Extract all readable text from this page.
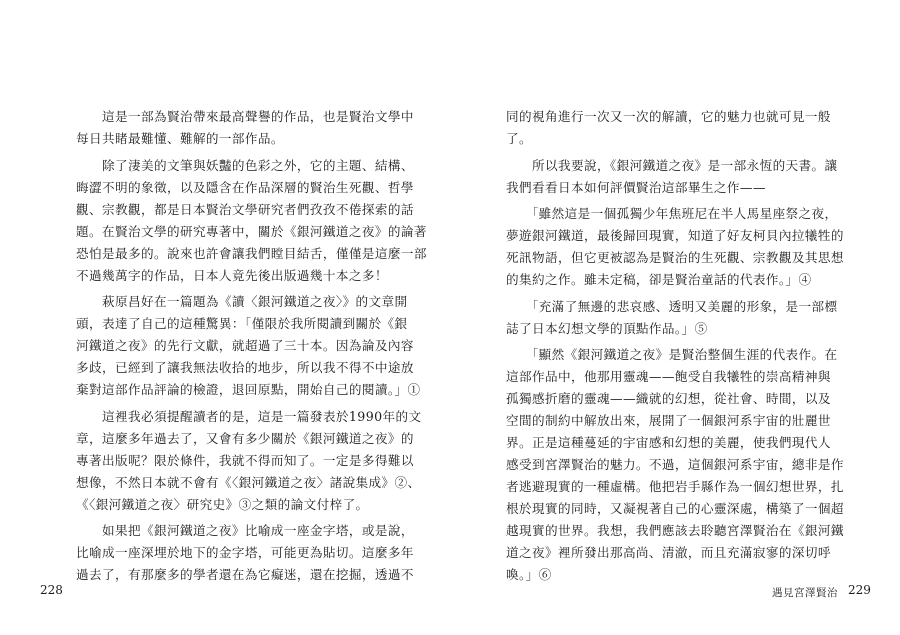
　　這是一部為賢治帶來最高聲譽的作品，也是賢治文學中
每日共睹最難懂、難解的一部作品。
　　除了淒美的文筆與妖豔的色彩之外，它的主題、結構、
晦澀不明的象徵，以及隱含在作品深層的賢治生死觀、哲學
觀、宗教觀，都是日本賢治文學研究者們孜孜不倦探索的話
題。在賢治文學的研究專著中，關於《銀河鐵道之夜》的論著
恐怕是最多的。說來也許會讓我們瞠目結舌，僅僅是這麼一部
不過幾萬字的作品，日本人竟先後出版過幾十本之多！
　　萩原昌好在一篇題為《讀〈銀河鐵道之夜〉》的文章開
頭，表達了自己的這種驚異：「僅限於我所閱讀到關於《銀
河鐵道之夜》的先行文獻，就超過了三十本。因為論及內容
多歧，已經到了讓我無法收拾的地步，所以我不得不中途放
棄對這部作品評論的檢證，退回原點，開始自己的閱讀。」①
　　這裡我必須提醒讀者的是，這是一篇發表於1990年的文
章，這麼多年過去了，又會有多少關於《銀河鐵道之夜》的
專著出版呢？限於條件，我就不得而知了。一定是多得難以
想像，不然日本就不會有《〈銀河鐵道之夜〉諸說集成》②、
《〈銀河鐵道之夜〉研究史》③之類的論文付梓了。
　　如果把《銀河鐵道之夜》比喻成一座金字塔，或是說，
比喻成一座深埋於地下的金字塔，可能更為貼切。這麼多年
過去了，有那麼多的學者還在為它癡迷，還在挖掘，透過不
同的視角進行一次又一次的解讀，它的魅力也就可見一般
了。
　　所以我要說，《銀河鐵道之夜》是一部永恆的天書。讓
我們看看日本如何評價賢治這部畢生之作——
　　「雖然這是一個孤獨少年焦班尼在半人馬星座祭之夜，
夢遊銀河鐵道，最後歸回現實，知道了好友柯貝內拉犧牲的
死訊物語，但它更被認為是賢治的生死觀、宗教觀及其思想
的集約之作。雖未定稿，卻是賢治童話的代表作。」④
　　「充滿了無邊的悲哀感、透明又美麗的形象，是一部標
誌了日本幻想文學的頂點作品。」⑤
　　「顯然《銀河鐵道之夜》是賢治整個生涯的代表作。在
這部作品中，他那用靈魂——飽受自我犧牲的崇高精神與
孤獨感折磨的靈魂——織就的幻想，從社會、時間，以及
空間的制約中解放出來，展開了一個銀河系宇宙的壯麗世
界。正是這種蔓延的宇宙感和幻想的美麗，使我們現代人
感受到宮澤賢治的魅力。不過，這個銀河系宇宙，總非是作
者逃避現實的一種虛構。他把岩手縣作為一個幻想世界，扎
根於現實的同時，又凝視著自己的心靈深處，構築了一個超
越現實的世界。我想，我們應該去聆聽宮澤賢治在《銀河鐵
道之夜》裡所發出那高尚、清澈，而且充滿寂寥的深切呼
喚。」⑥
228	遇見宮澤賢治 229
